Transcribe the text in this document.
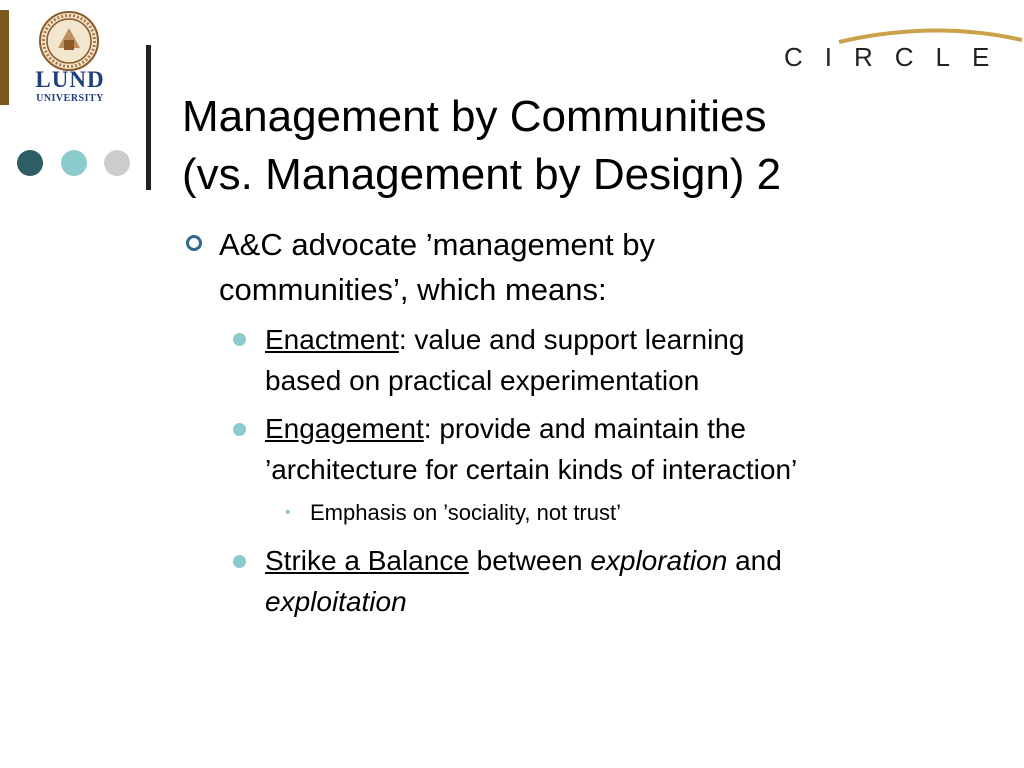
LUND
UNIVERSITY
CIRCLE
Management by Communities
(vs. Management by Design) 2
A&C advocate ’management by
communities’, which means:
Enactment: value and support learning
based on practical experimentation
Engagement: provide and maintain the
’architecture for certain kinds of interaction’
• Emphasis on ’sociality, not trust’
Strike a Balance between exploration and
exploitation
